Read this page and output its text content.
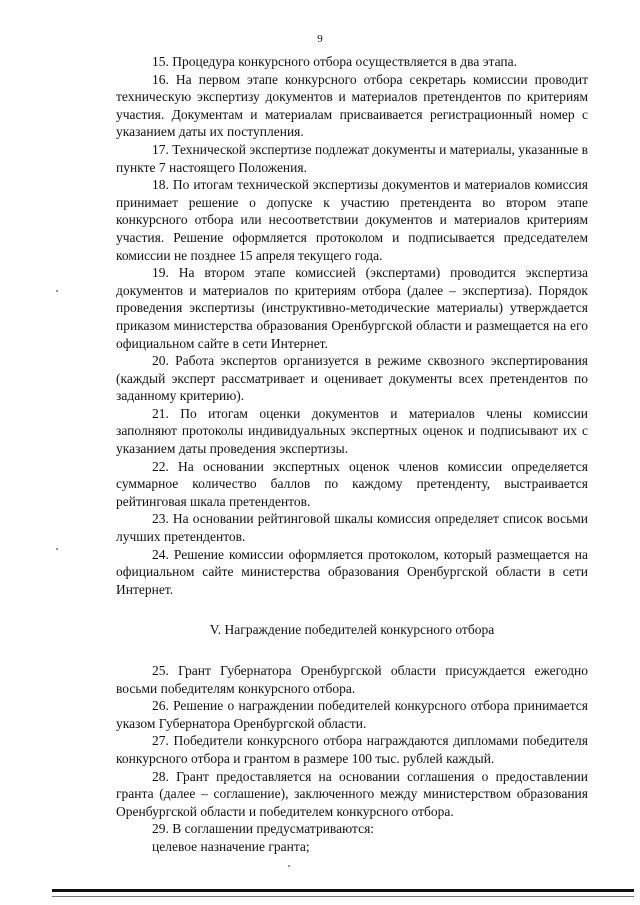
9

15. Процедура конкурсного отбора осуществляется в два этапа.

16. На первом этапе конкурсного отбора секретарь комиссии проводит техническую экспертизу документов и материалов претендентов по критериям участия. Документам и материалам присваивается регистрационный номер с указанием даты их поступления.

17. Технической экспертизе подлежат документы и материалы, указанные в пункте 7 настоящего Положения.

18. По итогам технической экспертизы документов и материалов комиссия принимает решение о допуске к участию претендента во втором этапе конкурсного отбора или несоответствии документов и материалов критериям участия. Решение оформляется протоколом и подписывается председателем комиссии не позднее 15 апреля текущего года.

19. На втором этапе комиссией (экспертами) проводится экспертиза документов и материалов по критериям отбора (далее – экспертиза). Порядок проведения экспертизы (инструктивно-методические материалы) утверждается приказом министерства образования Оренбургской области и размещается на его официальном сайте в сети Интернет.

20. Работа экспертов организуется в режиме сквозного экспертирования (каждый эксперт рассматривает и оценивает документы всех претендентов по заданному критерию).

21. По итогам оценки документов и материалов члены комиссии заполняют протоколы индивидуальных экспертных оценок и подписывают их с указанием даты проведения экспертизы.

22. На основании экспертных оценок членов комиссии определяется суммарное количество баллов по каждому претенденту, выстраивается рейтинговая шкала претендентов.

23. На основании рейтинговой шкалы комиссия определяет список восьми лучших претендентов.

24. Решение комиссии оформляется протоколом, который размещается на официальном сайте министерства образования Оренбургской области в сети Интернет.

V. Награждение победителей конкурсного отбора

25. Грант Губернатора Оренбургской области присуждается ежегодно восьми победителям конкурсного отбора.

26. Решение о награждении победителей конкурсного отбора принимается указом Губернатора Оренбургской области.

27. Победители конкурсного отбора награждаются дипломами победителя конкурсного отбора и грантом в размере 100 тыс. рублей каждый.

28. Грант предоставляется на основании соглашения о предоставлении гранта (далее – соглашение), заключенного между министерством образования Оренбургской области и победителем конкурсного отбора.

29. В соглашении предусматриваются:

целевое назначение гранта;
